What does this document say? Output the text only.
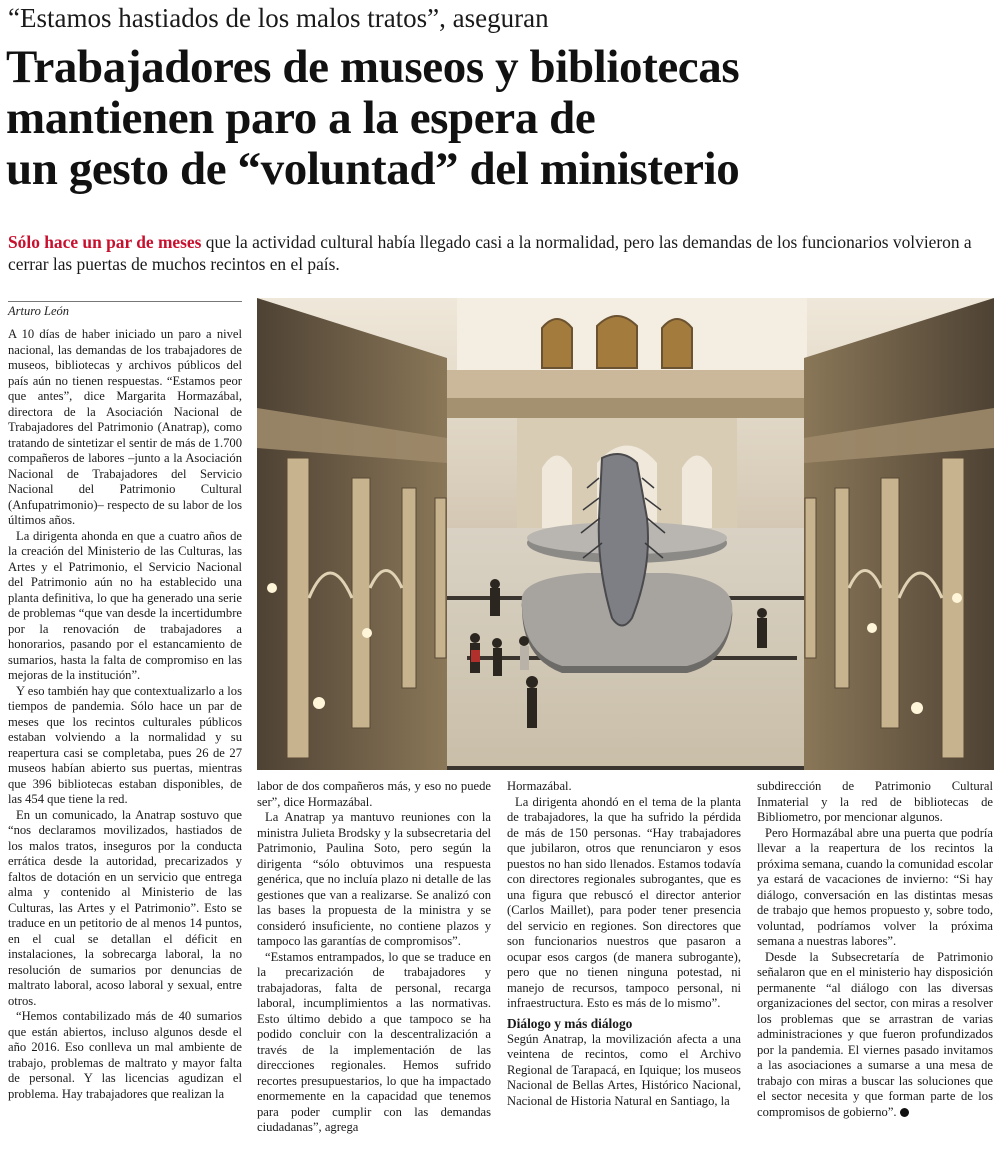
“Estamos hastiados de los malos tratos”, aseguran
Trabajadores de museos y bibliotecas
mantienen paro a la espera de
un gesto de “voluntad” del ministerio
Sólo hace un par de meses que la actividad cultural había llegado casi a la normalidad, pero las demandas de los funcionarios volvieron a cerrar las puertas de muchos recintos en el país.
Arturo León

A 10 días de haber iniciado un paro a nivel nacional, las demandas de los trabajadores de museos, bibliotecas y archivos públicos del país aún no tienen respuestas. “Estamos peor que antes”, dice Margarita Hormazábal, directora de la Asociación Nacional de Trabajadores del Patrimonio (Anatrap), como tratando de sintetizar el sentir de más de 1.700 compañeros de labores –junto a la Asociación Nacional de Trabajadores del Servicio Nacional del Patrimonio Cultural (Anfupatrimonio)– respecto de su labor de los últimos años.

La dirigenta ahonda en que a cuatro años de la creación del Ministerio de las Culturas, las Artes y el Patrimonio, el Servicio Nacional del Patrimonio aún no ha establecido una planta definitiva, lo que ha generado una serie de problemas “que van desde la incertidumbre por la renovación de trabajadores a honorarios, pasando por el estancamiento de sumarios, hasta la falta de compromiso en las mejoras de la institución”.

Y eso también hay que contextualizarlo a los tiempos de pandemia. Sólo hace un par de meses que los recintos culturales públicos estaban volviendo a la normalidad y su reapertura casi se completaba, pues 26 de 27 museos habían abierto sus puertas, mientras que 396 bibliotecas estaban disponibles, de las 454 que tiene la red.

En un comunicado, la Anatrap sostuvo que “nos declaramos movilizados, hastiados de los malos tratos, inseguros por la conducta errática desde la autoridad, precarizados y faltos de dotación en un servicio que entrega alma y contenido al Ministerio de las Culturas, las Artes y el Patrimonio”. Esto se traduce en un petitorio de al menos 14 puntos, en el cual se detallan el déficit en instalaciones, la sobrecarga laboral, la no resolución de sumarios por denuncias de maltrato laboral, acoso laboral y sexual, entre otros.

“Hemos contabilizado más de 40 sumarios que están abiertos, incluso algunos desde el año 2016. Eso conlleva un mal ambiente de trabajo, problemas de maltrato y mayor falta de personal. Y las licencias agudizan el problema. Hay trabajadores que realizan la

labor de dos compañeros más, y eso no puede ser”, dice Hormazábal.

La Anatrap ya mantuvo reuniones con la ministra Julieta Brodsky y la subsecretaria del Patrimonio, Paulina Soto, pero según la dirigenta “sólo obtuvimos una respuesta genérica, que no incluía plazo ni detalle de las gestiones que van a realizarse. Se analizó con las bases la propuesta de la ministra y se consideró insuficiente, no contiene plazos y tampoco las garantías de compromisos”.

“Estamos entrampados, lo que se traduce en la precarización de trabajadores y trabajadoras, falta de personal, recarga laboral, incumplimientos a las normativas. Esto último debido a que tampoco se ha podido concluir con la descentralización a través de la implementación de las direcciones regionales. Hemos sufrido recortes presupuestarios, lo que ha impactado enormemente en la capacidad que tenemos para poder cumplir con las demandas ciudadanas”, agrega

Hormazábal.

La dirigenta ahondó en el tema de la planta de trabajadores, la que ha sufrido la pérdida de más de 150 personas. “Hay trabajadores que jubilaron, otros que renunciaron y esos puestos no han sido llenados. Estamos todavía con directores regionales subrogantes, que es una figura que rebuscó el director anterior (Carlos Maillet), para poder tener presencia del servicio en regiones. Son directores que son funcionarios nuestros que pasaron a ocupar esos cargos (de manera subrogante), pero que no tienen ninguna potestad, ni manejo de recursos, tampoco personal, ni infraestructura. Esto es más de lo mismo”.

Diálogo y más diálogo

Según Anatrap, la movilización afecta a una veintena de recintos, como el Archivo Regional de Tarapacá, en Iquique; los museos Nacional de Bellas Artes, Histórico Nacional, Nacional de Historia Natural en Santiago, la

subdirección de Patrimonio Cultural Inmaterial y la red de bibliotecas de Bibliometro, por mencionar algunos.

Pero Hormazábal abre una puerta que podría llevar a la reapertura de los recintos la próxima semana, cuando la comunidad escolar ya estará de vacaciones de invierno: “Si hay diálogo, conversación en las distintas mesas de trabajo que hemos propuesto y, sobre todo, voluntad, podríamos volver la próxima semana a nuestras labores”.

Desde la Subsecretaría de Patrimonio señalaron que en el ministerio hay disposición permanente “al diálogo con las diversas organizaciones del sector, con miras a resolver los problemas que se arrastran de varias administraciones y que fueron profundizados por la pandemia. El viernes pasado invitamos a las asociaciones a sumarse a una mesa de trabajo con miras a buscar las soluciones que el sector necesita y que forman parte de los compromisos de gobierno”.
